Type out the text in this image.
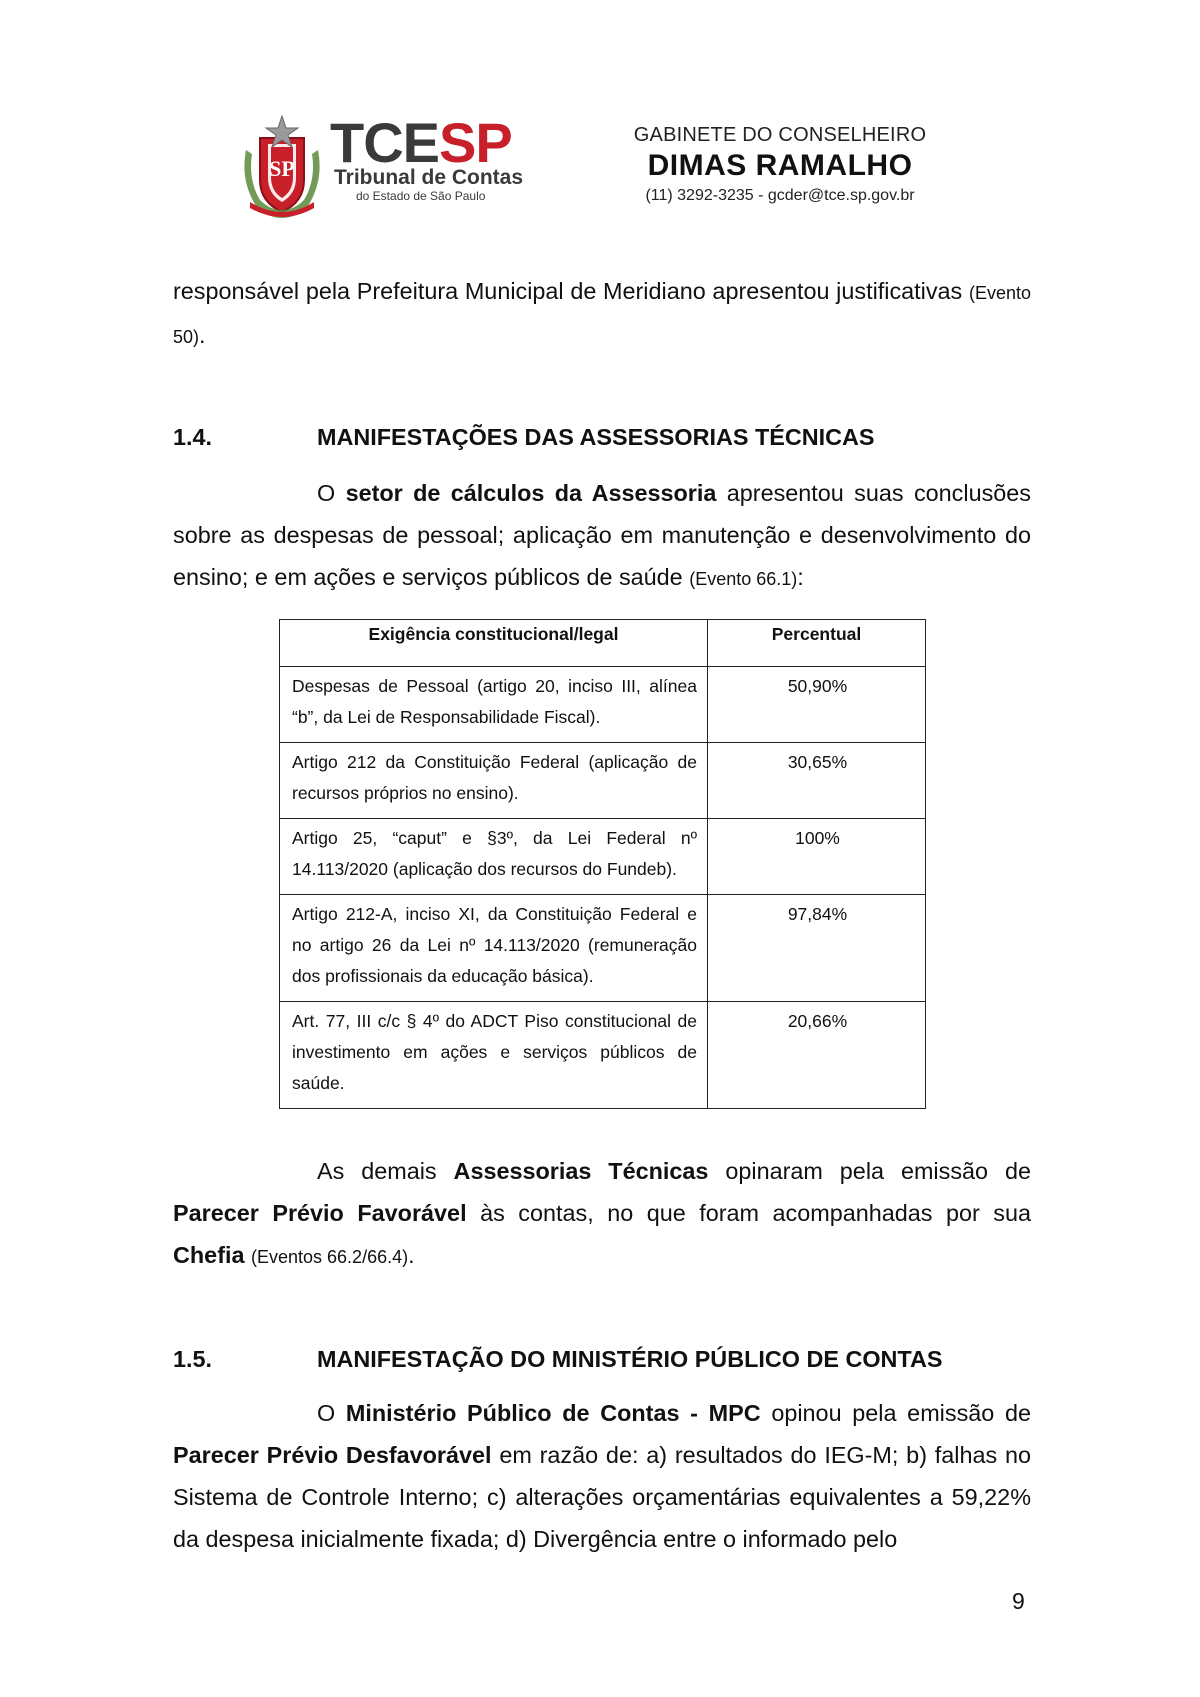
SP TCESP
Tribunal de Contas
do Estado de São Paulo
GABINETE DO CONSELHEIRO
DIMAS RAMALHO
(11) 3292-3235 - gcder@tce.sp.gov.br
responsável pela Prefeitura Municipal de Meridiano apresentou justificativas (Evento 50).
1.4.	MANIFESTAÇÕES DAS ASSESSORIAS TÉCNICAS
O setor de cálculos da Assessoria apresentou suas conclusões sobre as despesas de pessoal; aplicação em manutenção e desenvolvimento do ensino; e em ações e serviços públicos de saúde (Evento 66.1):
Exigência constitucional/legal	Percentual
Despesas de Pessoal (artigo 20, inciso III, alínea “b”, da Lei de Responsabilidade Fiscal).	50,90%
Artigo 212 da Constituição Federal (aplicação de recursos próprios no ensino).	30,65%
Artigo 25, “caput” e §3º, da Lei Federal nº 14.113/2020 (aplicação dos recursos do Fundeb).	100%
Artigo 212-A, inciso XI, da Constituição Federal e no artigo 26 da Lei nº 14.113/2020 (remuneração dos profissionais da educação básica).	97,84%
Art. 77, III c/c § 4º do ADCT Piso constitucional de investimento em ações e serviços públicos de saúde.	20,66%
As demais Assessorias Técnicas opinaram pela emissão de Parecer Prévio Favorável às contas, no que foram acompanhadas por sua Chefia (Eventos 66.2/66.4).
1.5.	MANIFESTAÇÃO DO MINISTÉRIO PÚBLICO DE CONTAS
O Ministério Público de Contas - MPC opinou pela emissão de Parecer Prévio Desfavorável em razão de: a) resultados do IEG-M; b) falhas no Sistema de Controle Interno; c) alterações orçamentárias equivalentes a 59,22% da despesa inicialmente fixada; d) Divergência entre o informado pelo
9
